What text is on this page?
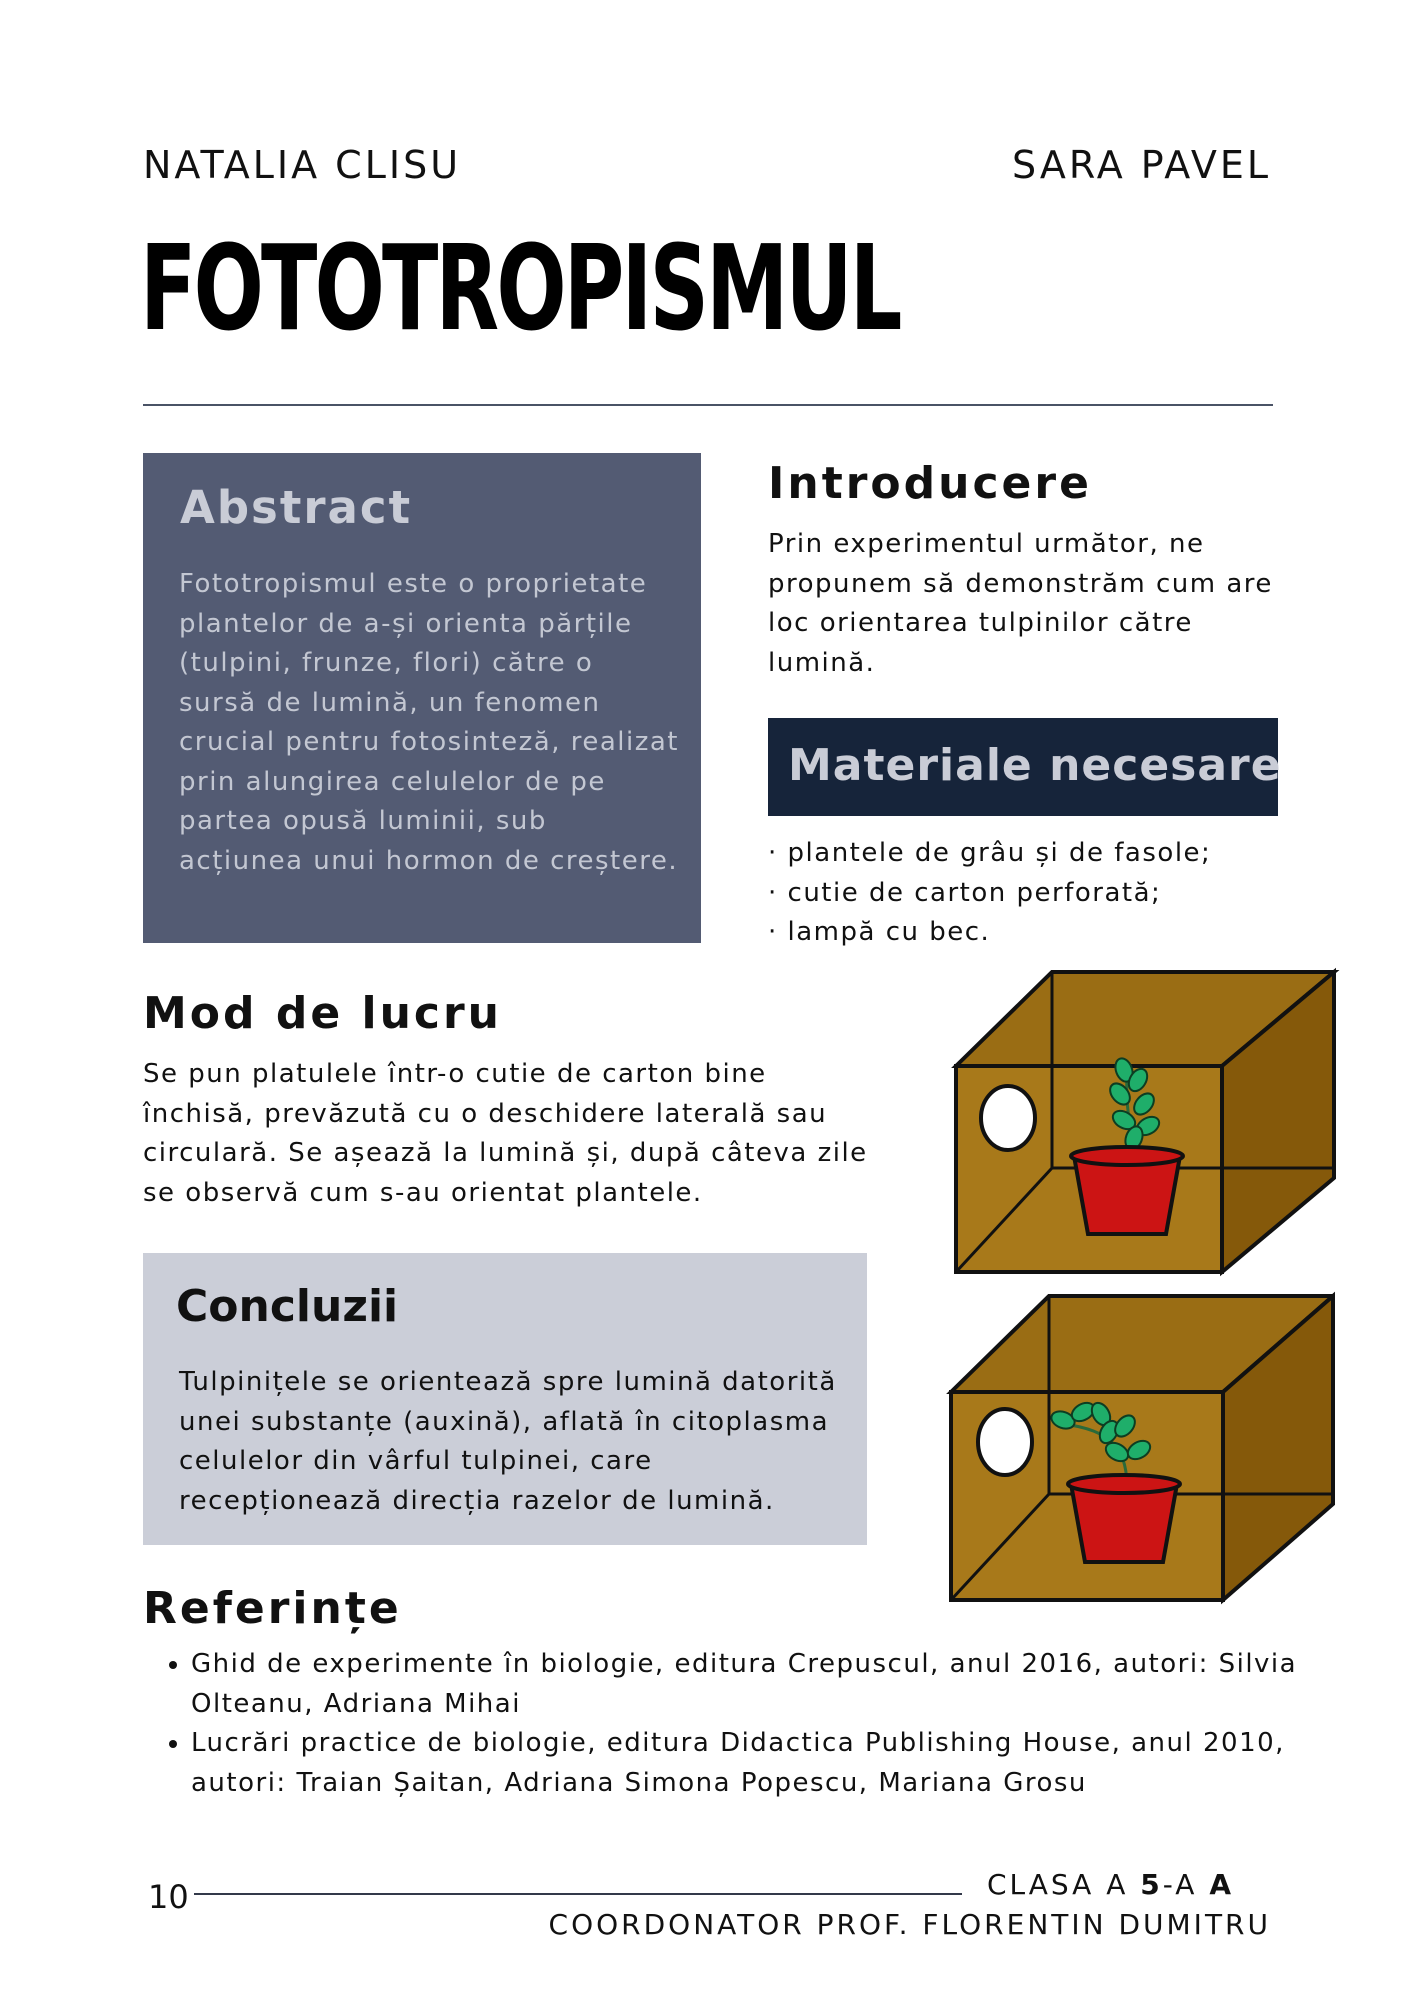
NATALIA CLISU	SARA PAVEL
FOTOTROPISMUL
Abstract
Fototropismul este o proprietate plantelor de a-și orienta părțile (tulpini, frunze, flori) către o sursă de lumină, un fenomen crucial pentru fotosinteză, realizat prin alungirea celulelor de pe partea opusă luminii, sub acțiunea unui hormon de creștere.
Introducere
Prin experimentul următor, ne propunem să demonstrăm cum are loc orientarea tulpinilor către lumină.
Materiale necesare
· plantele de grâu și de fasole;
· cutie de carton perforată;
· lampă cu bec.
Mod de lucru
Se pun platulele într-o cutie de carton bine închisă, prevăzută cu o deschidere laterală sau circulară. Se așează la lumină și, după câteva zile se observă cum s-au orientat plantele.
Concluzii
Tulpinițele se orientează spre lumină datorită unei substanțe (auxină), aflată în citoplasma celulelor din vârful tulpinei, care recepționează direcția razelor de lumină.
Referințe
• Ghid de experimente în biologie, editura Crepuscul, anul 2016, autori: Silvia Olteanu, Adriana Mihai
• Lucrări practice de biologie, editura Didactica Publishing House, anul 2010, autori: Traian Șaitan, Adriana Simona Popescu, Mariana Grosu
10	CLASA A 5-A A
COORDONATOR PROF. FLORENTIN DUMITRU
